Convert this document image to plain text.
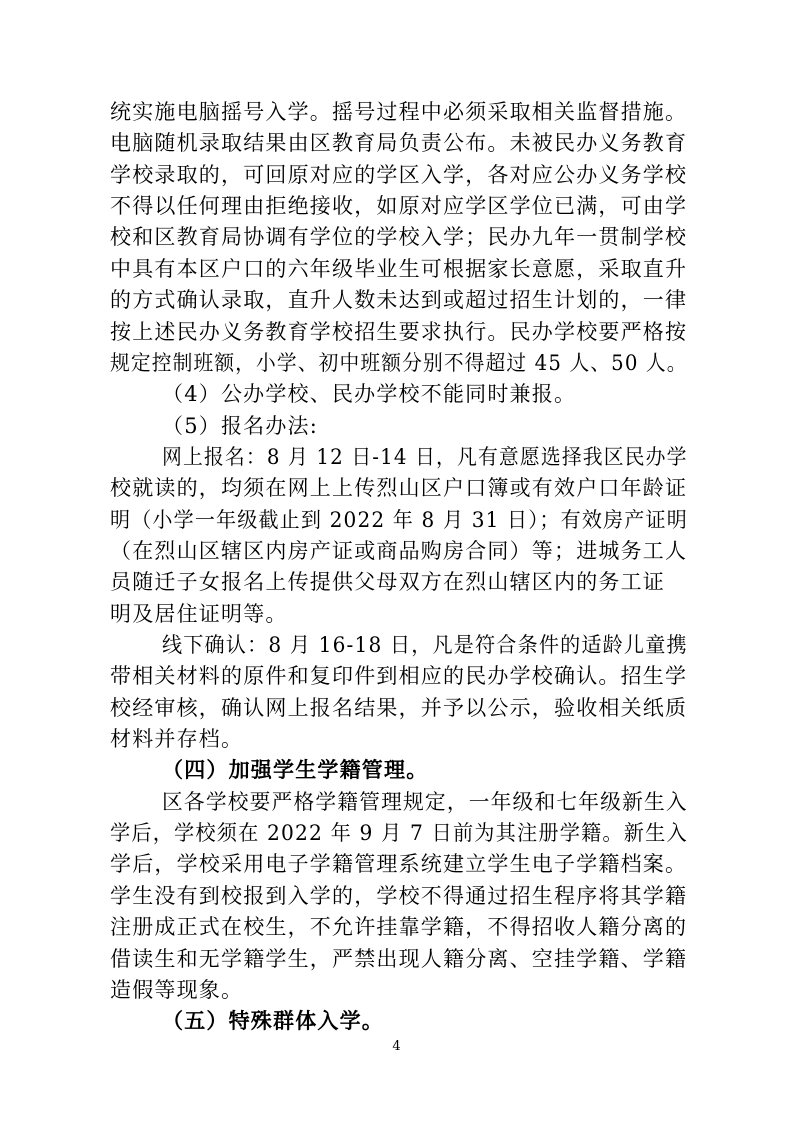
统实施电脑摇号入学。摇号过程中必须采取相关监督措施。
电脑随机录取结果由区教育局负责公布。未被民办义务教育
学校录取的，可回原对应的学区入学，各对应公办义务学校
不得以任何理由拒绝接收，如原对应学区学位已满，可由学
校和区教育局协调有学位的学校入学；民办九年一贯制学校
中具有本区户口的六年级毕业生可根据家长意愿，采取直升
的方式确认录取，直升人数未达到或超过招生计划的，一律
按上述民办义务教育学校招生要求执行。民办学校要严格按
规定控制班额，小学、初中班额分别不得超过 45 人、50 人。
（4）公办学校、民办学校不能同时兼报。
（5）报名办法:
网上报名：8 月 12 日-14 日，凡有意愿选择我区民办学
校就读的，均须在网上上传烈山区户口簿或有效户口年龄证
明（小学一年级截止到 2022 年 8 月 31 日）；有效房产证明
（在烈山区辖区内房产证或商品购房合同）等；进城务工人
员随迁子女报名上传提供父母双方在烈山辖区内的务工证
明及居住证明等。
线下确认：8 月 16-18 日，凡是符合条件的适龄儿童携
带相关材料的原件和复印件到相应的民办学校确认。招生学
校经审核，确认网上报名结果，并予以公示，验收相关纸质
材料并存档。
（四）加强学生学籍管理。
区各学校要严格学籍管理规定，一年级和七年级新生入
学后，学校须在 2022 年 9 月 7 日前为其注册学籍。新生入
学后，学校采用电子学籍管理系统建立学生电子学籍档案。
学生没有到校报到入学的，学校不得通过招生程序将其学籍
注册成正式在校生，不允许挂靠学籍，不得招收人籍分离的
借读生和无学籍学生，严禁出现人籍分离、空挂学籍、学籍
造假等现象。
（五）特殊群体入学。
4
